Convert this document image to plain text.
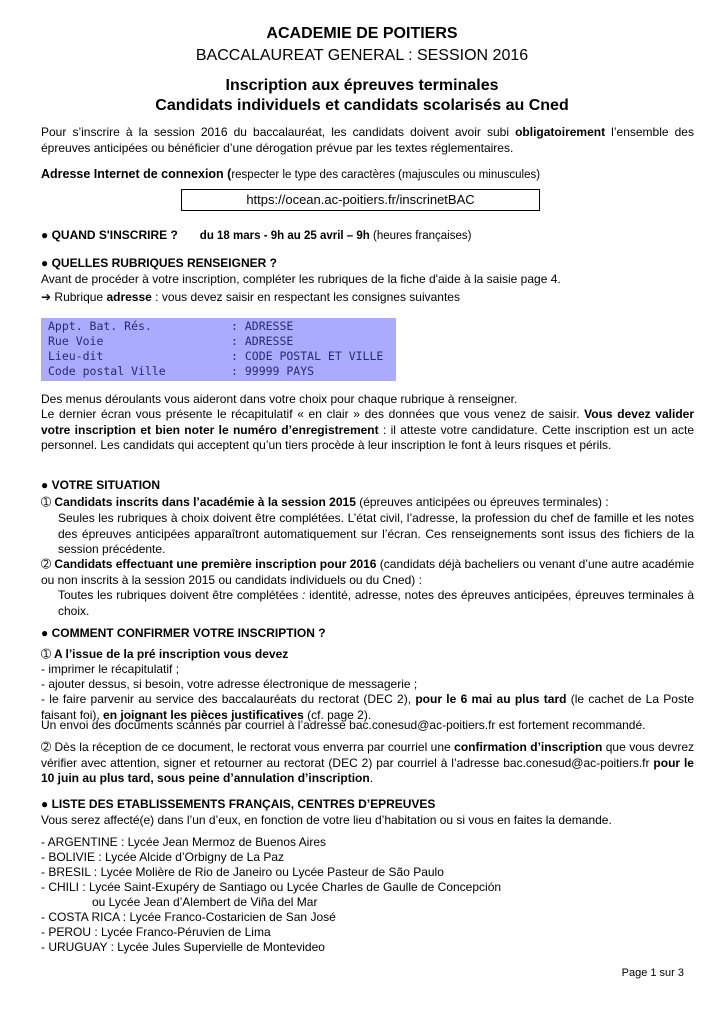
ACADEMIE DE POITIERS
BACCALAUREAT GENERAL : SESSION 2016
Inscription aux épreuves terminales
Candidats individuels et candidats scolarisés au Cned
Pour s’inscrire à la session 2016 du baccalauréat, les candidats doivent avoir subi obligatoirement l’ensemble des épreuves anticipées ou bénéficier d’une dérogation prévue par les textes réglementaires.
Adresse Internet de connexion (respecter le type des caractères (majuscules ou minuscules)
https://ocean.ac-poitiers.fr/inscrinetBAC
● QUAND S'INSCRIRE ? du 18 mars - 9h au 25 avril – 9h (heures françaises)
● QUELLES RUBRIQUES RENSEIGNER ?
Avant de procéder à votre inscription, compléter les rubriques de la fiche d'aide à la saisie page 4.
➔ Rubrique adresse : vous devez saisir en respectant les consignes suivantes
Appt. Bat. Rés.	: ADRESSE
Rue Voie	: ADRESSE
Lieu-dit	: CODE POSTAL ET VILLE
Code postal Ville	: 99999 PAYS
Des menus déroulants vous aideront dans votre choix pour chaque rubrique à renseigner.
Le dernier écran vous présente le récapitulatif « en clair » des données que vous venez de saisir. Vous devez valider votre inscription et bien noter le numéro d’enregistrement : il atteste votre candidature. Cette inscription est un acte personnel. Les candidats qui acceptent qu’un tiers procède à leur inscription le font à leurs risques et périls.
● VOTRE SITUATION
➀ Candidats inscrits dans l’académie à la session 2015 (épreuves anticipées ou épreuves terminales) :
Seules les rubriques à choix doivent être complétées. L’état civil, l’adresse, la profession du chef de famille et les notes des épreuves anticipées apparaîtront automatiquement sur l’écran. Ces renseignements sont issus des fichiers de la session précédente.
➁ Candidats effectuant une première inscription pour 2016 (candidats déjà bacheliers ou venant d’une autre académie ou non inscrits à la session 2015 ou candidats individuels ou du Cned) :
Toutes les rubriques doivent être complétées : identité, adresse, notes des épreuves anticipées, épreuves terminales à choix.
● COMMENT CONFIRMER VOTRE INSCRIPTION ?
➀ A l’issue de la pré inscription vous devez
- imprimer le récapitulatif ;
- ajouter dessus, si besoin, votre adresse électronique de messagerie ;
- le faire parvenir au service des baccalauréats du rectorat (DEC 2), pour le 6 mai au plus tard (le cachet de La Poste faisant foi), en joignant les pièces justificatives (cf. page 2).
Un envoi des documents scannés par courriel à l’adresse bac.conesud@ac-poitiers.fr est fortement recommandé.
➁ Dès la réception de ce document, le rectorat vous enverra par courriel une confirmation d’inscription que vous devrez vérifier avec attention, signer et retourner au rectorat (DEC 2) par courriel à l’adresse bac.conesud@ac-poitiers.fr pour le 10 juin au plus tard, sous peine d’annulation d’inscription.
● LISTE DES ETABLISSEMENTS FRANÇAIS, CENTRES D’EPREUVES
Vous serez affecté(e) dans l’un d’eux, en fonction de votre lieu d’habitation ou si vous en faites la demande.
- ARGENTINE : Lycée Jean Mermoz de Buenos Aires
- BOLIVIE : Lycée Alcide d’Orbigny de La Paz
- BRESIL : Lycée Molière de Rio de Janeiro ou Lycée Pasteur de São Paulo
- CHILI : Lycée Saint-Exupéry de Santiago ou Lycée Charles de Gaulle de Concepción
ou Lycée Jean d’Alembert de Viña del Mar
- COSTA RICA : Lycée Franco-Costaricien de San José
- PEROU : Lycée Franco-Péruvien de Lima
- URUGUAY : Lycée Jules Supervielle de Montevideo
Page 1 sur 3
